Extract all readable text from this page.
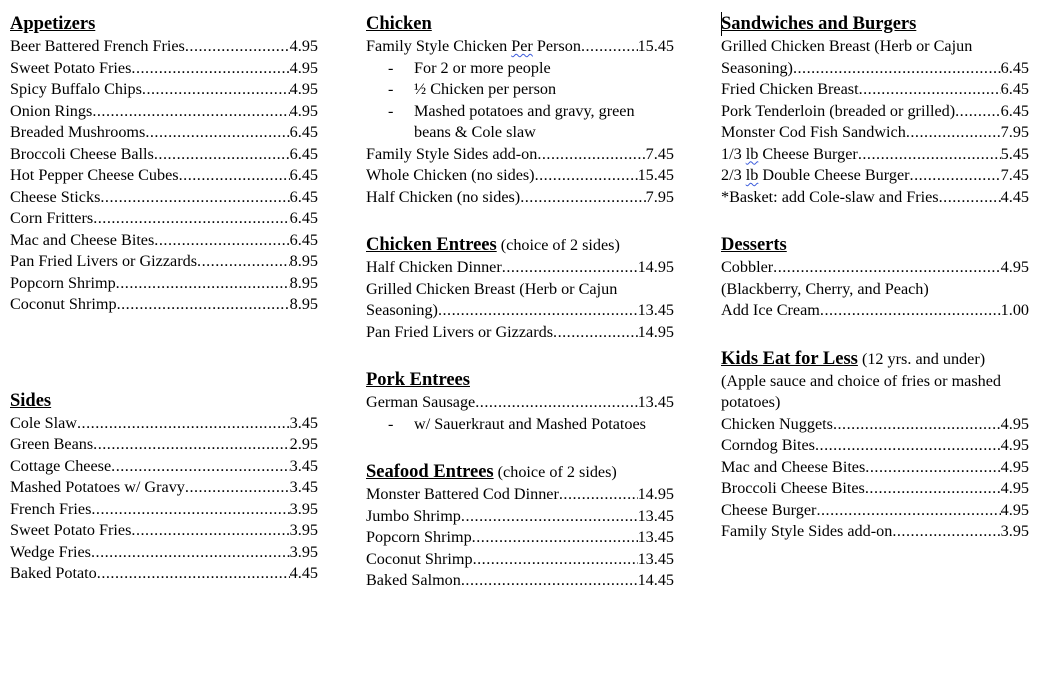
Appetizers
Beer Battered French Fries .....	4.95
Sweet Potato Fries .....	4.95
Spicy Buffalo Chips .....	4.95
Onion Rings .....	4.95
Breaded Mushrooms .....	6.45
Broccoli Cheese Balls .....	6.45
Hot Pepper Cheese Cubes .....	6.45
Cheese Sticks .....	6.45
Corn Fritters .....	6.45
Mac and Cheese Bites .....	6.45
Pan Fried Livers or Gizzards .....	8.95
Popcorn Shrimp .....	8.95
Coconut Shrimp .....	8.95
Sides
Cole Slaw .....	3.45
Green Beans .....	2.95
Cottage Cheese .....	3.45
Mashed Potatoes w/ Gravy .....	3.45
French Fries .....	3.95
Sweet Potato Fries .....	3.95
Wedge Fries .....	3.95
Baked Potato .....	4.45
Chicken
Family Style Chicken Per Person .....	15.45
-	For 2 or more people
-	½ Chicken per person
-	Mashed potatoes and gravy, green beans & Cole slaw
Family Style Sides add-on .....	7.45
Whole Chicken (no sides) .....	15.45
Half Chicken (no sides) .....	7.95
Chicken Entrees (choice of 2 sides)
Half Chicken Dinner .....	14.95
Grilled Chicken Breast (Herb or Cajun
Seasoning) .....	13.45
Pan Fried Livers or Gizzards .....	14.95
Pork Entrees
German Sausage .....	13.45
-	w/ Sauerkraut and Mashed Potatoes
Seafood Entrees (choice of 2 sides)
Monster Battered Cod Dinner .....	14.95
Jumbo Shrimp .....	13.45
Popcorn Shrimp .....	13.45
Coconut Shrimp .....	13.45
Baked Salmon .....	14.45
Sandwiches and Burgers
Grilled Chicken Breast (Herb or Cajun
Seasoning) .....	6.45
Fried Chicken Breast .....	6.45
Pork Tenderloin (breaded or grilled) .....	6.45
Monster Cod Fish Sandwich .....	7.95
1/3 lb Cheese Burger .....	5.45
2/3 lb Double Cheese Burger .....	7.45
*Basket: add Cole-slaw and Fries .....	4.45
Desserts
Cobbler .....	4.95
(Blackberry, Cherry, and Peach)
Add Ice Cream .....	1.00
Kids Eat for Less (12 yrs. and under)
(Apple sauce and choice of fries or mashed potatoes)
Chicken Nuggets .....	4.95
Corndog Bites .....	4.95
Mac and Cheese Bites .....	4.95
Broccoli Cheese Bites .....	4.95
Cheese Burger .....	4.95
Family Style Sides add-on .....	3.95
